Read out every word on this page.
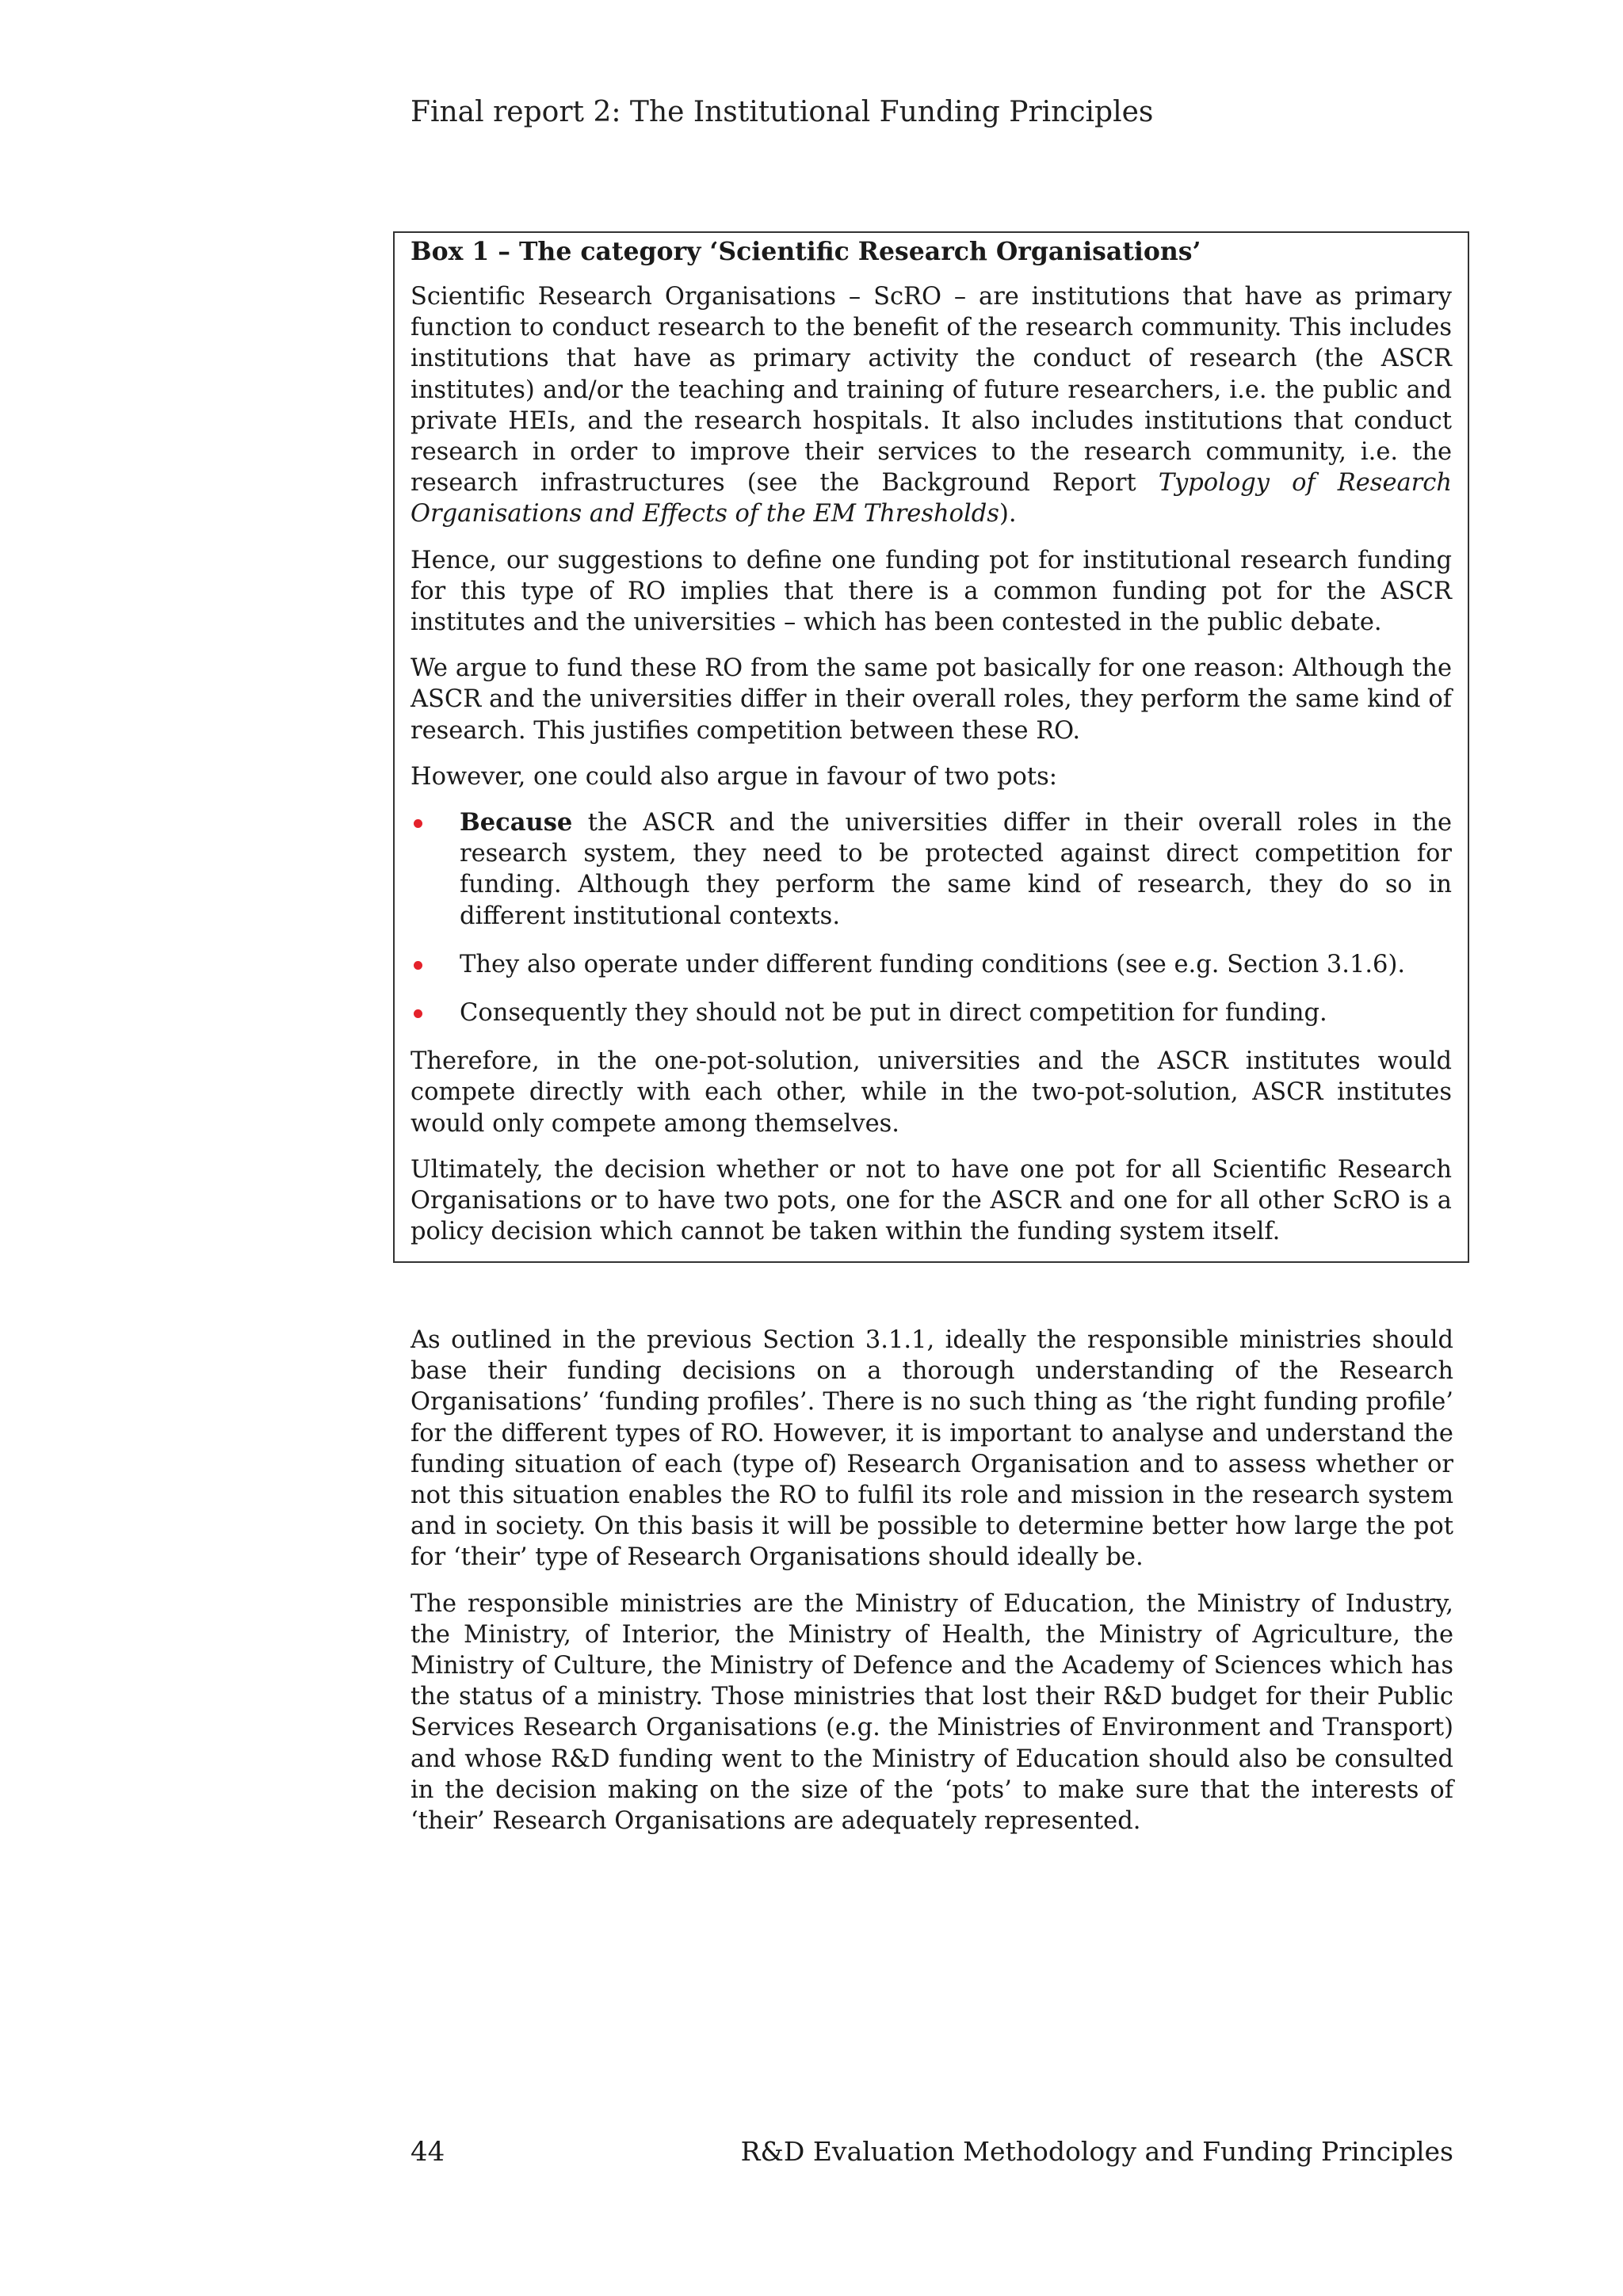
Final report 2: The Institutional Funding Principles
Box 1 – The category ‘Scientific Research Organisations’

Scientific Research Organisations – ScRO – are institutions that have as primary function to conduct research to the benefit of the research community. This includes institutions that have as primary activity the conduct of research (the ASCR institutes) and/or the teaching and training of future researchers, i.e. the public and private HEIs, and the research hospitals. It also includes institutions that conduct research in order to improve their services to the research community, i.e. the research infrastructures (see the Background Report Typology of Research Organisations and Effects of the EM Thresholds).

Hence, our suggestions to define one funding pot for institutional research funding for this type of RO implies that there is a common funding pot for the ASCR institutes and the universities – which has been contested in the public debate.

We argue to fund these RO from the same pot basically for one reason: Although the ASCR and the universities differ in their overall roles, they perform the same kind of research. This justifies competition between these RO.

However, one could also argue in favour of two pots:

Because the ASCR and the universities differ in their overall roles in the research system, they need to be protected against direct competition for funding. Although they perform the same kind of research, they do so in different institutional contexts.
They also operate under different funding conditions (see e.g. Section 3.1.6).
Consequently they should not be put in direct competition for funding.

Therefore, in the one-pot-solution, universities and the ASCR institutes would compete directly with each other, while in the two-pot-solution, ASCR institutes would only compete among themselves.

Ultimately, the decision whether or not to have one pot for all Scientific Research Organisations or to have two pots, one for the ASCR and one for all other ScRO is a policy decision which cannot be taken within the funding system itself.

As outlined in the previous Section 3.1.1, ideally the responsible ministries should base their funding decisions on a thorough understanding of the Research Organisations’ ‘funding profiles’. There is no such thing as ‘the right funding profile’ for the different types of RO. However, it is important to analyse and understand the funding situation of each (type of) Research Organisation and to assess whether or not this situation enables the RO to fulfil its role and mission in the research system and in society. On this basis it will be possible to determine better how large the pot for ‘their’ type of Research Organisations should ideally be.

The responsible ministries are the Ministry of Education, the Ministry of Industry, the Ministry, of Interior, the Ministry of Health, the Ministry of Agriculture, the Ministry of Culture, the Ministry of Defence and the Academy of Sciences which has the status of a ministry. Those ministries that lost their R&D budget for their Public Services Research Organisations (e.g. the Ministries of Environment and Transport) and whose R&D funding went to the Ministry of Education should also be consulted in the decision making on the size of the ‘pots’ to make sure that the interests of ‘their’ Research Organisations are adequately represented.

44	R&D Evaluation Methodology and Funding Principles
